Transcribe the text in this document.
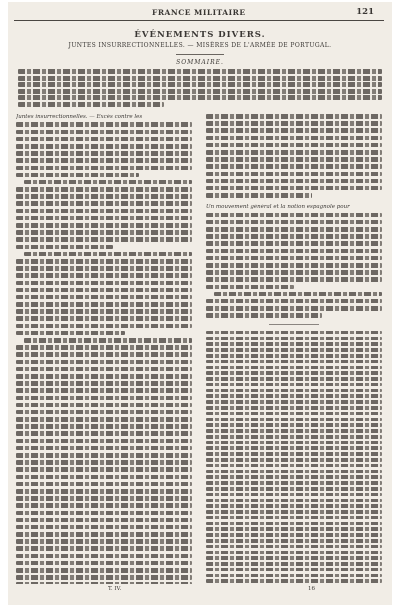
FRANCE MILITAIRE	121
ÉVÉNEMENTS DIVERS.
JUNTES INSURRECTIONNELLES. — MISÈRES DE L'ARMÉE DE PORTUGAL.
SOMMAIRE.
Juntes insurrectionnelles. — Excès contre les
Un mouvement général et la notion espagnole pour
T. IV.	16
